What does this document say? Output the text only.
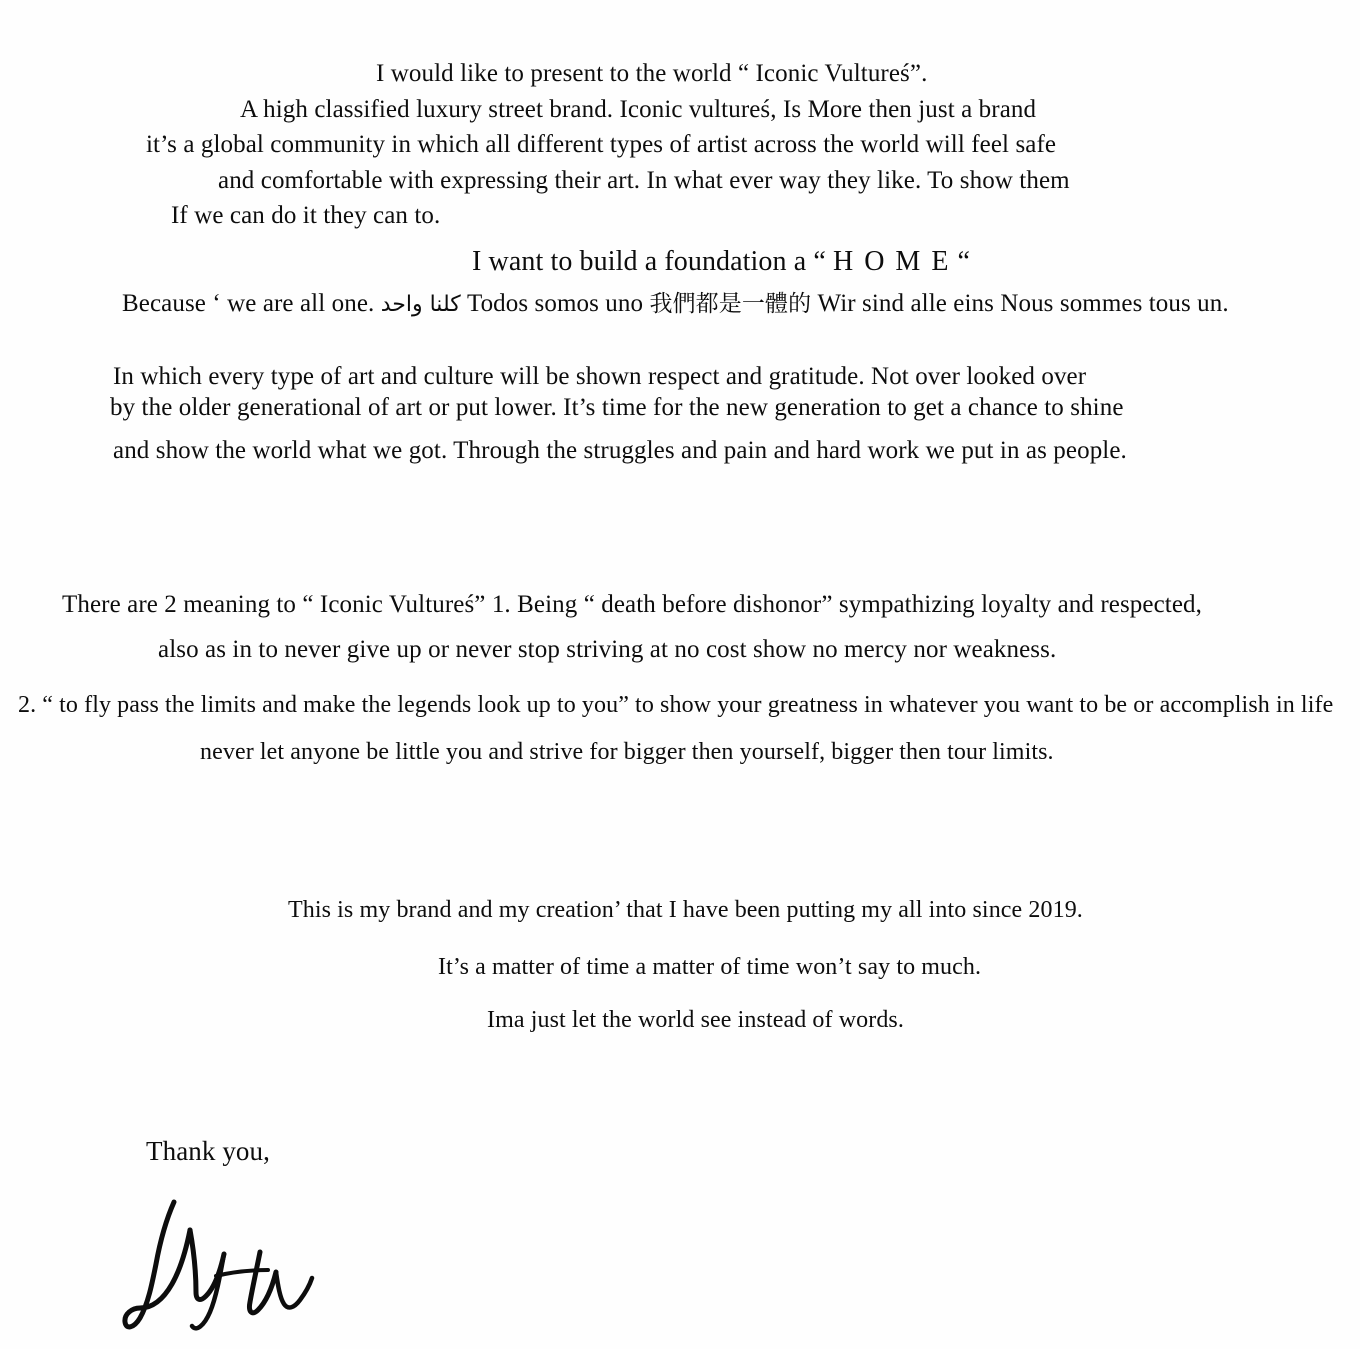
I would like to present to the world “ Iconic Vultureś”.
A high classified luxury street brand. Iconic vultureś, Is More then just a brand
it’s a global community in which all different types of artist across the world will feel safe
and comfortable with expressing their art. In what ever way they like. To show them
If we can do it they can to.
I want to build a foundation a “ H O M E “
Because ‘ we are all one. كلنا واحد Todos somos uno 我們都是一體的 Wir sind alle eins Nous sommes tous un.
In which every type of art and culture will be shown respect and gratitude. Not over looked over
by the older generational of art or put lower. It’s time for the new generation to get a chance to shine
and show the world what we got. Through the struggles and pain and hard work we put in as people.
There are 2 meaning to “ Iconic Vultureś” 1. Being “ death before dishonor” sympathizing loyalty and respected,
also as in to never give up or never stop striving at no cost show no mercy nor weakness.
2. “ to fly pass the limits and make the legends look up to you” to show your greatness in whatever you want to be or accomplish in life
never let anyone be little you and strive for bigger then yourself, bigger then tour limits.
This is my brand and my creation’ that I have been putting my all into since 2019.
It’s a matter of time a matter of time won’t say to much.
Ima just let the world see instead of words.
Thank you,
